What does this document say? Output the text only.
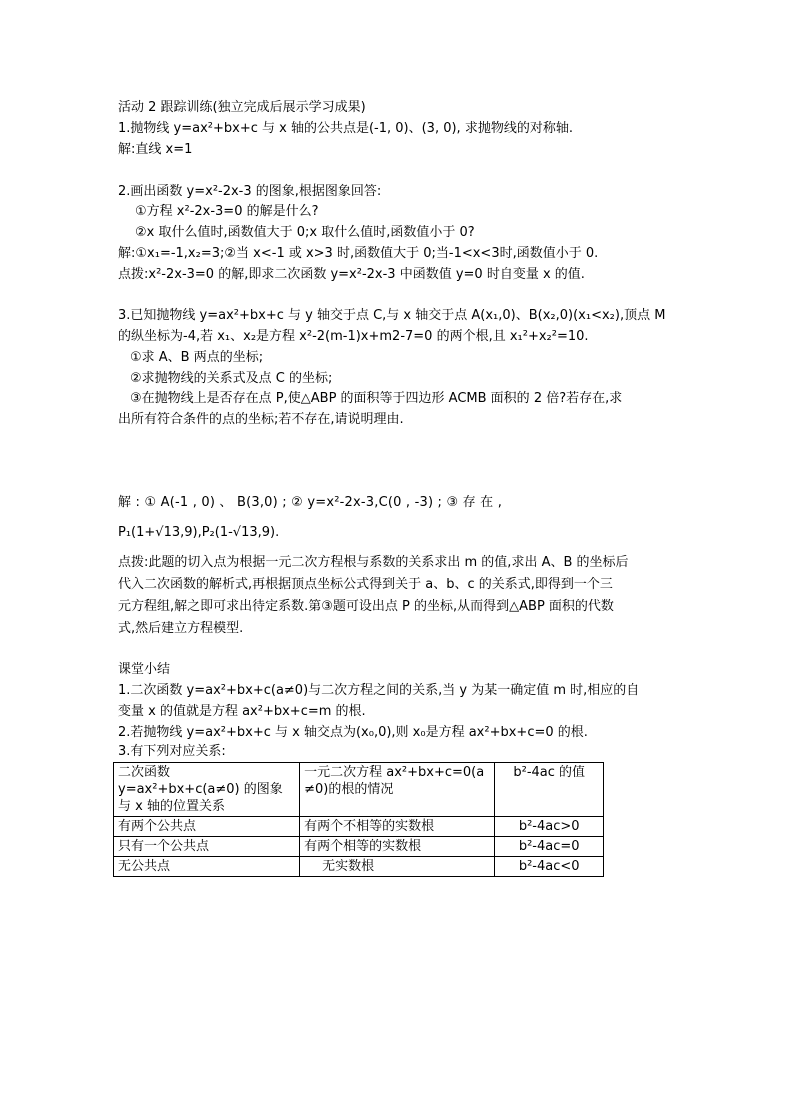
活动 2 跟踪训练(独立完成后展示学习成果)
1.抛物线 y=ax²+bx+c 与 x 轴的公共点是(-1, 0)、(3, 0), 求抛物线的对称轴.
解:直线 x=1
2.画出函数 y=x²-2x-3 的图象,根据图象回答:
①方程 x²-2x-3=0 的解是什么?
②x 取什么值时,函数值大于 0;x 取什么值时,函数值小于 0?
解:①x₁=-1,x₂=3;②当 x<-1 或 x>3 时,函数值大于 0;当-1<x<3时,函数值小于 0.
点拨:x²-2x-3=0 的解,即求二次函数 y=x²-2x-3 中函数值 y=0 时自变量 x 的值.
3.已知抛物线 y=ax²+bx+c 与 y 轴交于点 C,与 x 轴交于点 A(x₁,0)、B(x₂,0)(x₁<x₂),顶点 M
的纵坐标为-4,若 x₁、x₂是方程 x²-2(m-1)x+m2-7=0 的两个根,且 x₁²+x₂²=10.
①求 A、B 两点的坐标;
②求抛物线的关系式及点 C 的坐标;
③在抛物线上是否存在点 P,使△ABP 的面积等于四边形 ACMB 面积的 2 倍?若存在,求
出所有符合条件的点的坐标;若不存在,请说明理由.
解 : ① A(-1 , 0) 、 B(3,0) ; ② y=x²-2x-3,C(0 , -3) ; ③ 存 在 ,
P₁(1+√13,9),P₂(1-√13,9).
点拨:此题的切入点为根据一元二次方程根与系数的关系求出 m 的值,求出 A、B 的坐标后
代入二次函数的解析式,再根据顶点坐标公式得到关于 a、b、c 的关系式,即得到一个三
元方程组,解之即可求出待定系数.第③题可设出点 P 的坐标,从而得到△ABP 面积的代数
式,然后建立方程模型.
课堂小结
1.二次函数 y=ax²+bx+c(a≠0)与二次方程之间的关系,当 y 为某一确定值 m 时,相应的自
变量 x 的值就是方程 ax²+bx+c=m 的根.
2.若抛物线 y=ax²+bx+c 与 x 轴交点为(x₀,0),则 x₀是方程 ax²+bx+c=0 的根.
3.有下列对应关系:
二次函数 y=ax²+bx+c(a≠0) 的图象与 x 轴的位置关系	一元二次方程 ax²+bx+c=0(a ≠0)的根的情况	b²-4ac 的值
有两个公共点	有两个不相等的实数根	b²-4ac>0
只有一个公共点	有两个相等的实数根	b²-4ac=0
无公共点	无实数根	b²-4ac<0
